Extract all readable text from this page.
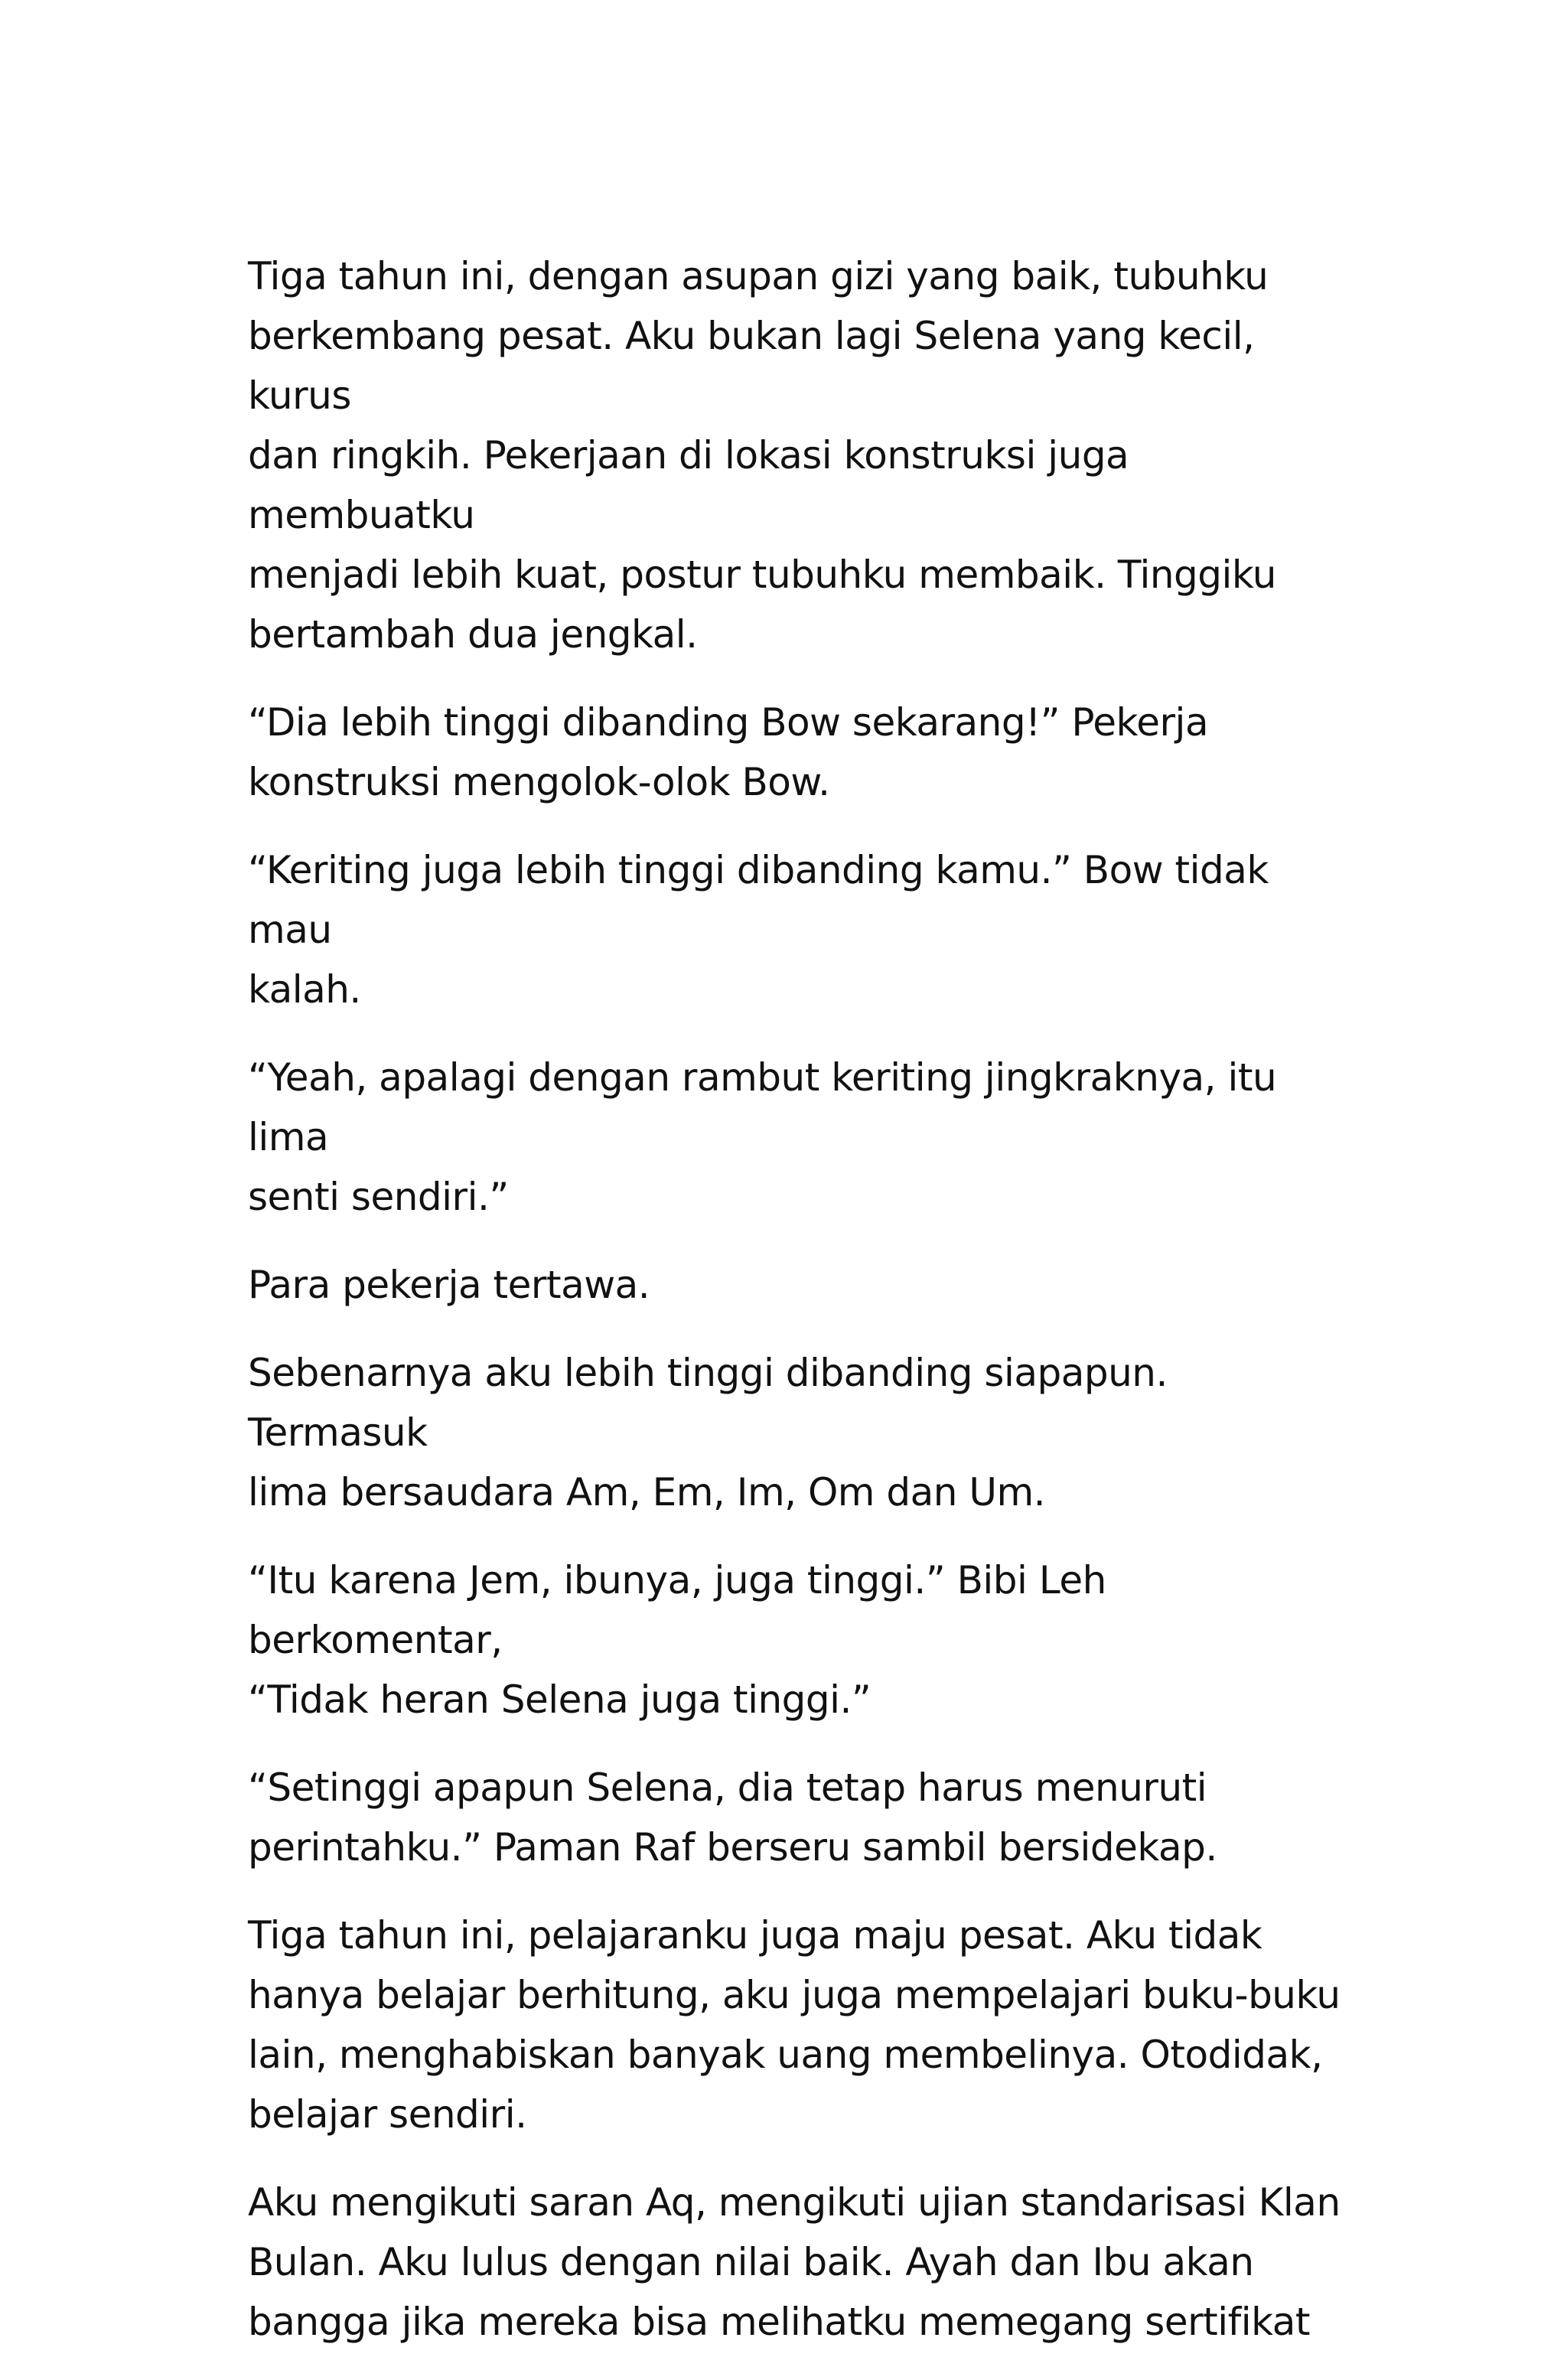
Tiga tahun ini, dengan asupan gizi yang baik, tubuhku
berkembang pesat. Aku bukan lagi Selena yang kecil, kurus
dan ringkih. Pekerjaan di lokasi konstruksi juga membuatku
menjadi lebih kuat, postur tubuhku membaik. Tinggiku
bertambah dua jengkal.

“Dia lebih tinggi dibanding Bow sekarang!” Pekerja
konstruksi mengolok-olok Bow.

“Keriting juga lebih tinggi dibanding kamu.” Bow tidak mau
kalah.

“Yeah, apalagi dengan rambut keriting jingkraknya, itu lima
senti sendiri.”

Para pekerja tertawa.

Sebenarnya aku lebih tinggi dibanding siapapun. Termasuk
lima bersaudara Am, Em, Im, Om dan Um.

“Itu karena Jem, ibunya, juga tinggi.” Bibi Leh berkomentar,
“Tidak heran Selena juga tinggi.”

“Setinggi apapun Selena, dia tetap harus menuruti
perintahku.” Paman Raf berseru sambil bersidekap.

Tiga tahun ini, pelajaranku juga maju pesat. Aku tidak
hanya belajar berhitung, aku juga mempelajari buku-buku
lain, menghabiskan banyak uang membelinya. Otodidak,
belajar sendiri.

Aku mengikuti saran Aq, mengikuti ujian standarisasi Klan
Bulan. Aku lulus dengan nilai baik. Ayah dan Ibu akan
bangga jika mereka bisa melihatku memegang sertifikat
